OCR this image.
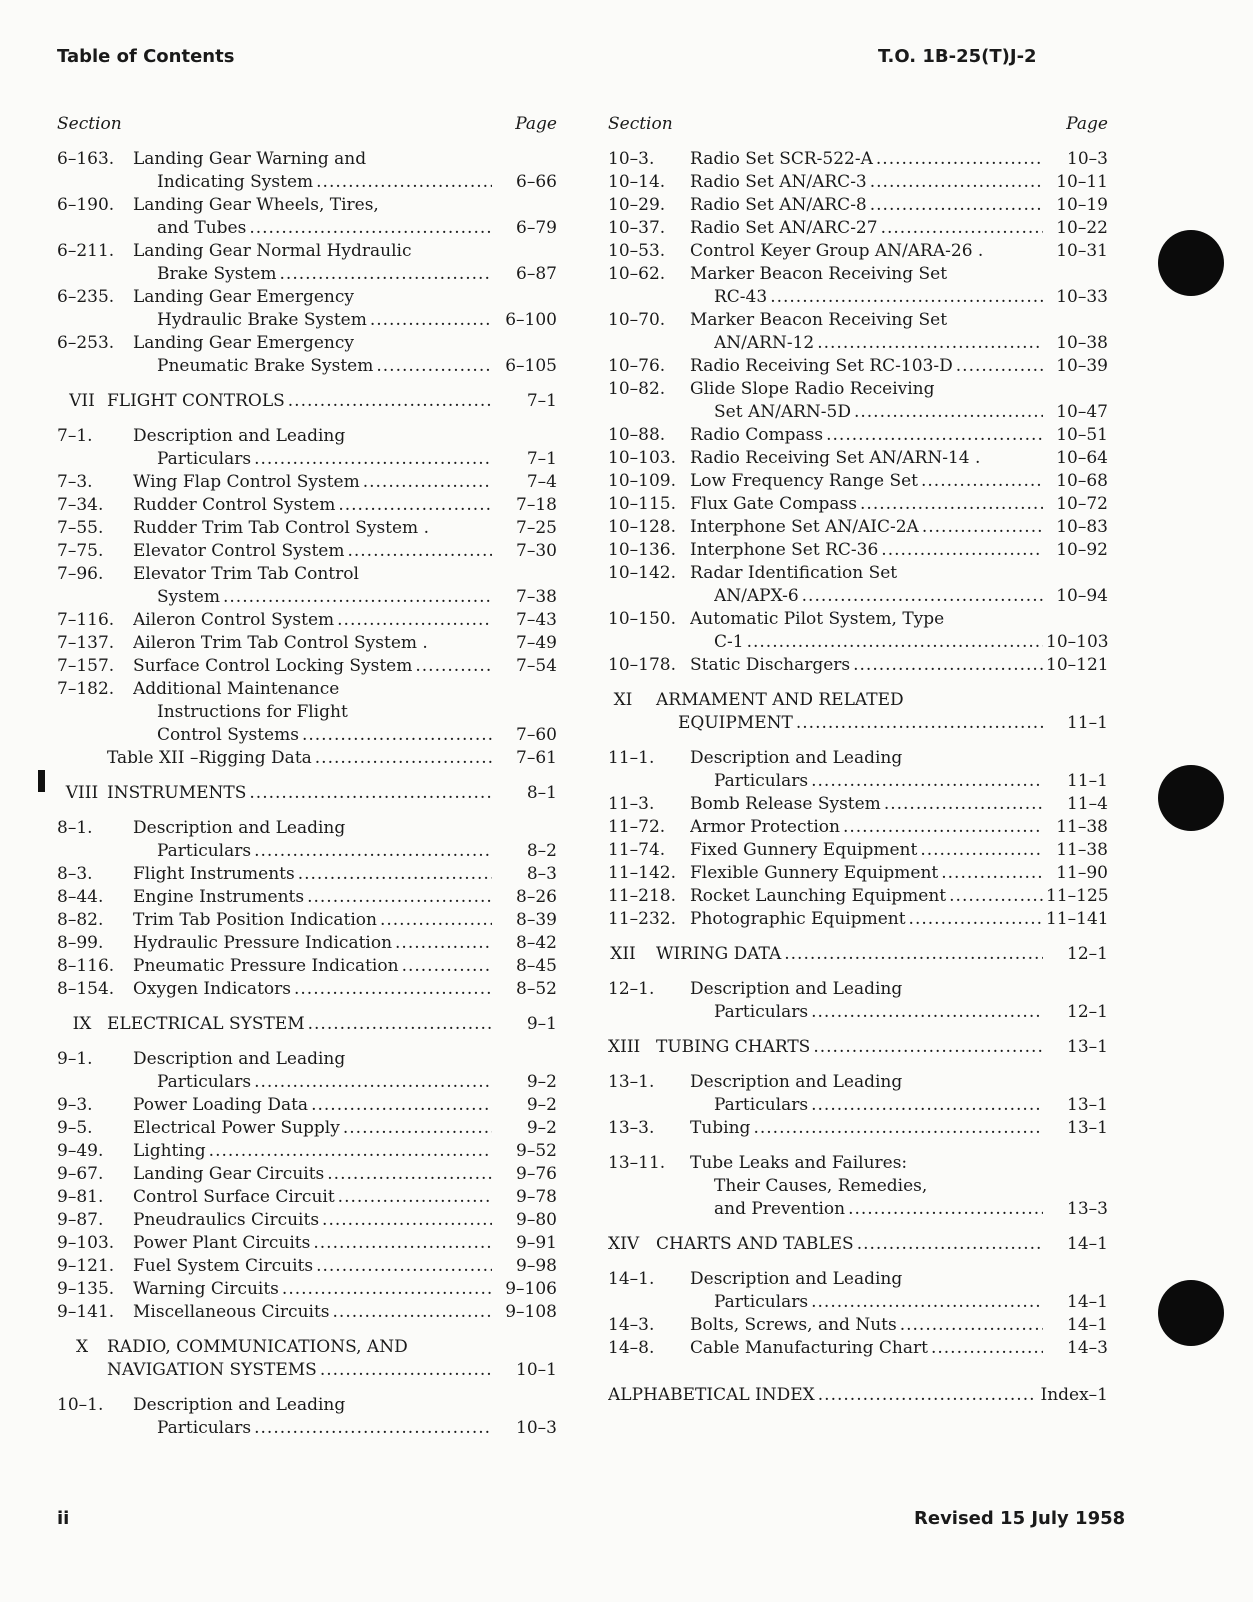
Table of Contents	T.O. 1B-25(T)J-2
Section	Page
6–163.	Landing Gear Warning and
Indicating System .....	6–66
6–190.	Landing Gear Wheels, Tires,
and Tubes .....	6–79
6–211.	Landing Gear Normal Hydraulic
Brake System .....	6–87
6–235.	Landing Gear Emergency
Hydraulic Brake System .....	6–100
6–253.	Landing Gear Emergency
Pneumatic Brake System .....	6–105
VII FLIGHT CONTROLS .....	7–1
7–1.	Description and Leading
Particulars .....	7–1
7–3.	Wing Flap Control System .....	7–4
7–34.	Rudder Control System .....	7–18
7–55.	Rudder Trim Tab Control System .	7–25
7–75.	Elevator Control System .....	7–30
7–96.	Elevator Trim Tab Control
System .....	7–38
7–116.	Aileron Control System .....	7–43
7–137.	Aileron Trim Tab Control System .	7–49
7–157.	Surface Control Locking System .....	7–54
7–182.	Additional Maintenance
Instructions for Flight
Control Systems .....	7–60
Table XII –Rigging Data .....	7–61
VIII INSTRUMENTS .....	8–1
8–1.	Description and Leading
Particulars .....	8–2
8–3.	Flight Instruments .....	8–3
8–44.	Engine Instruments .....	8–26
8–82.	Trim Tab Position Indication .....	8–39
8–99.	Hydraulic Pressure Indication .....	8–42
8–116.	Pneumatic Pressure Indication .....	8–45
8–154.	Oxygen Indicators .....	8–52
IX ELECTRICAL SYSTEM .....	9–1
9–1.	Description and Leading
Particulars .....	9–2
9–3.	Power Loading Data .....	9–2
9–5.	Electrical Power Supply .....	9–2
9–49.	Lighting .....	9–52
9–67.	Landing Gear Circuits .....	9–76
9–81.	Control Surface Circuit .....	9–78
9–87.	Pneudraulics Circuits .....	9–80
9–103.	Power Plant Circuits .....	9–91
9–121.	Fuel System Circuits .....	9–98
9–135.	Warning Circuits .....	9–106
9–141.	Miscellaneous Circuits .....	9–108
X	RADIO, COMMUNICATIONS, AND
NAVIGATION SYSTEMS .....	10–1
10–1.	Description and Leading
Particulars .....	10–3
Section	Page
10–3.	Radio Set SCR-522-A .....	10–3
10–14.	Radio Set AN/ARC-3 .....	10–11
10–29.	Radio Set AN/ARC-8 .....	10–19
10–37.	Radio Set AN/ARC-27 .....	10–22
10–53.	Control Keyer Group AN/ARA-26 .	10–31
10–62.	Marker Beacon Receiving Set
RC-43 .....	10–33
10–70.	Marker Beacon Receiving Set
AN/ARN-12 .....	10–38
10–76.	Radio Receiving Set RC-103-D .....	10–39
10–82.	Glide Slope Radio Receiving
Set AN/ARN-5D .....	10–47
10–88.	Radio Compass .....	10–51
10–103. Radio Receiving Set AN/ARN-14 .	10–64
10–109. Low Frequency Range Set .....	10–68
10–115. Flux Gate Compass .....	10–72
10–128. Interphone Set AN/AIC-2A .....	10–83
10–136. Interphone Set RC-36 .....	10–92
10–142. Radar Identification Set
AN/APX-6 .....	10–94
10–150. Automatic Pilot System, Type
C-1 .....	10–103
10–178. Static Dischargers .....	10–121
XI	ARMAMENT AND RELATED
EQUIPMENT .....	11–1
11–1.	Description and Leading
Particulars .....	11–1
11–3.	Bomb Release System .....	11–4
11–72.	Armor Protection .....	11–38
11–74.	Fixed Gunnery Equipment .....	11–38
11–142. Flexible Gunnery Equipment .....	11–90
11–218. Rocket Launching Equipment .....	11–125
11–232. Photographic Equipment .....	11–141
XII WIRING DATA .....	12–1
12–1.	Description and Leading
Particulars .....	12–1
XIII TUBING CHARTS .....	13–1
13–1.	Description and Leading
Particulars .....	13–1
13–3.	Tubing .....	13–1
13–11.	Tube Leaks and Failures:
Their Causes, Remedies,
and Prevention .....	13–3
XIV CHARTS AND TABLES .....	14–1
14–1.	Description and Leading
Particulars .....	14–1
14–3.	Bolts, Screws, and Nuts .....	14–1
14–8.	Cable Manufacturing Chart .....	14–3
ALPHABETICAL INDEX .....	Index–1
ii	Revised 15 July 1958
